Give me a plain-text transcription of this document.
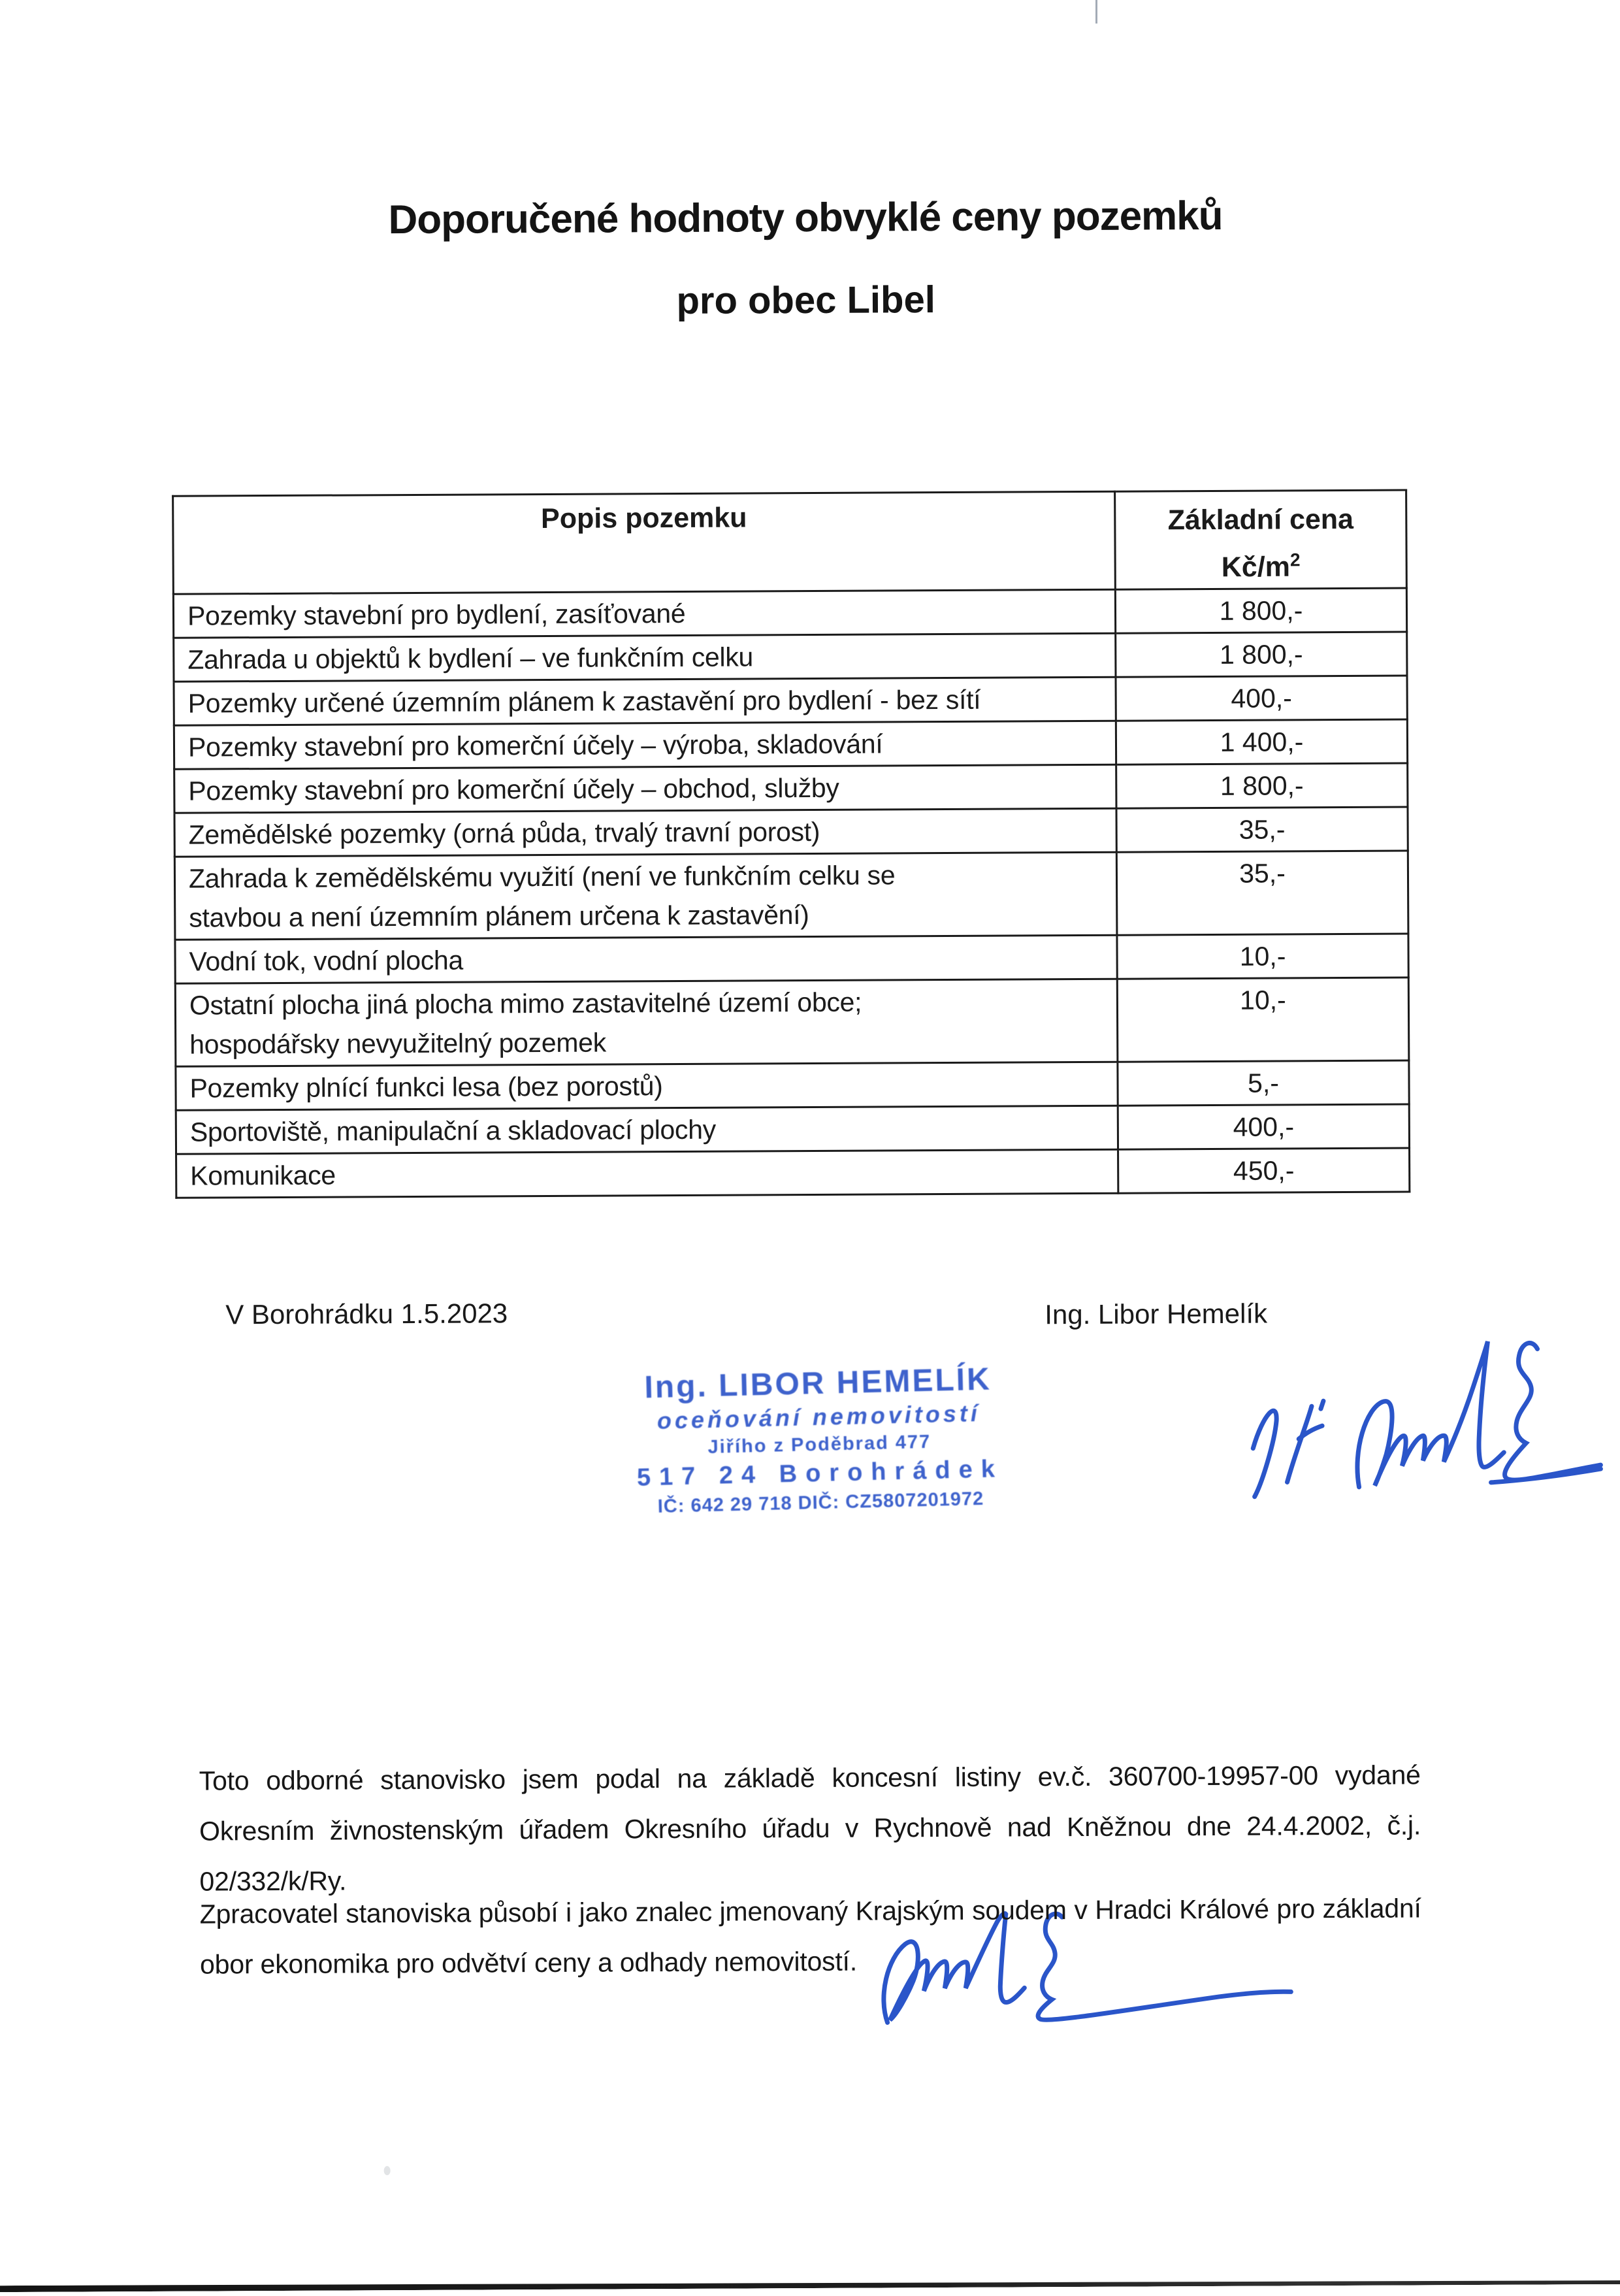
Doporučené hodnoty obvyklé ceny pozemků
pro obec Libel
Popis pozemku	Základní cena
$Kč/m^2$
Pozemky stavební pro bydlení, zasíťované	1 800,-
Zahrada u objektů k bydlení – ve funkčním celku	1 800,-
Pozemky určené územním plánem k zastavění pro bydlení - bez sítí	400,-
Pozemky stavební pro komerční účely – výroba, skladování	1 400,-
Pozemky stavební pro komerční účely – obchod, služby	1 800,-
Zemědělské pozemky (orná půda, trvalý travní porost)	35,-
Zahrada k zemědělskému využití (není ve funkčním celku se
stavbou a není územním plánem určena k zastavění)	35,-
Vodní tok, vodní plocha	10,-
Ostatní plocha jiná plocha mimo zastavitelné území obce;
hospodářsky nevyužitelný pozemek	10,-
Pozemky plnící funkci lesa (bez porostů)	5,-
Sportoviště, manipulační a skladovací plochy	400,-
Komunikace	450,-
V Borohrádku 1.5.2023	Ing. Libor Hemelík
Ing. LIBOR HEMELÍK
oceňování nemovitostí
Jiřího z Poděbrad 477
517 24 Borohrádek
IČ: 642 29 718 DIČ: CZ5807201972

Toto odborné stanovisko jsem podal na základě koncesní listiny ev.č. 360700-19957-00 vydané Okresním živnostenským úřadem Okresního úřadu v Rychnově nad Kněžnou dne 24.4.2002, č.j. 02/332/k/Ry.

Zpracovatel stanoviska působí i jako znalec jmenovaný Krajským soudem v Hradci Králové pro základní obor ekonomika pro odvětví ceny a odhady nemovitostí.
